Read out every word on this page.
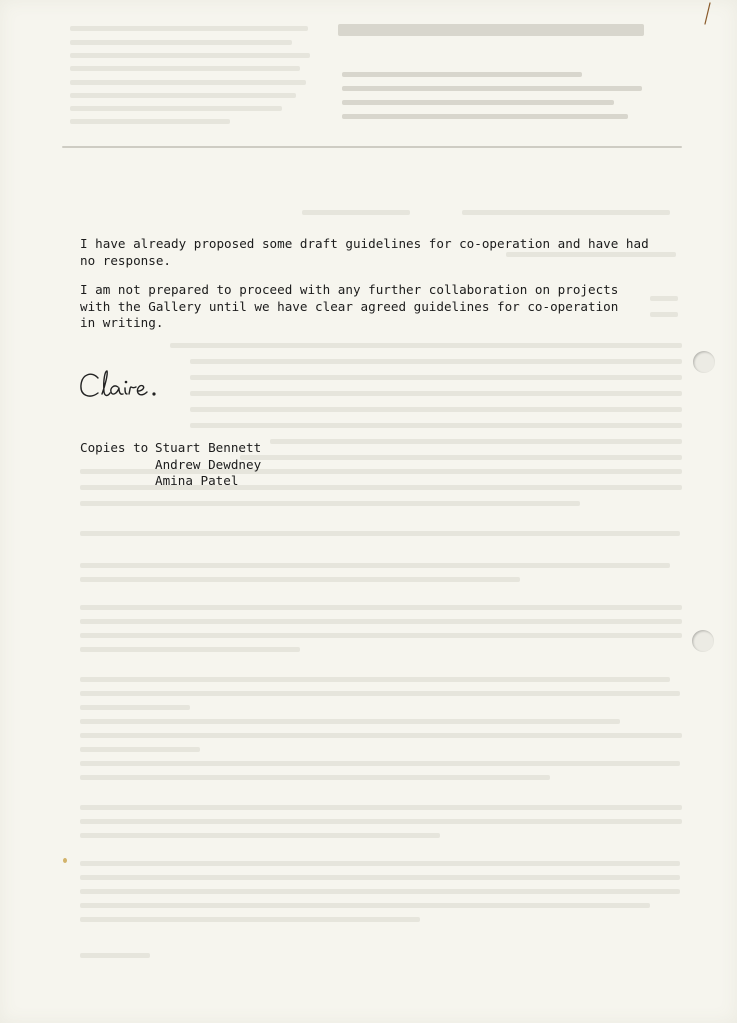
I have already proposed some draft guidelines for co-operation and have had
no response.

I am not prepared to proceed with any further collaboration on projects
with the Gallery until we have clear agreed guidelines for co-operation
in writing.

Copies to Stuart Bennett
Andrew Dewdney
Amina Patel
